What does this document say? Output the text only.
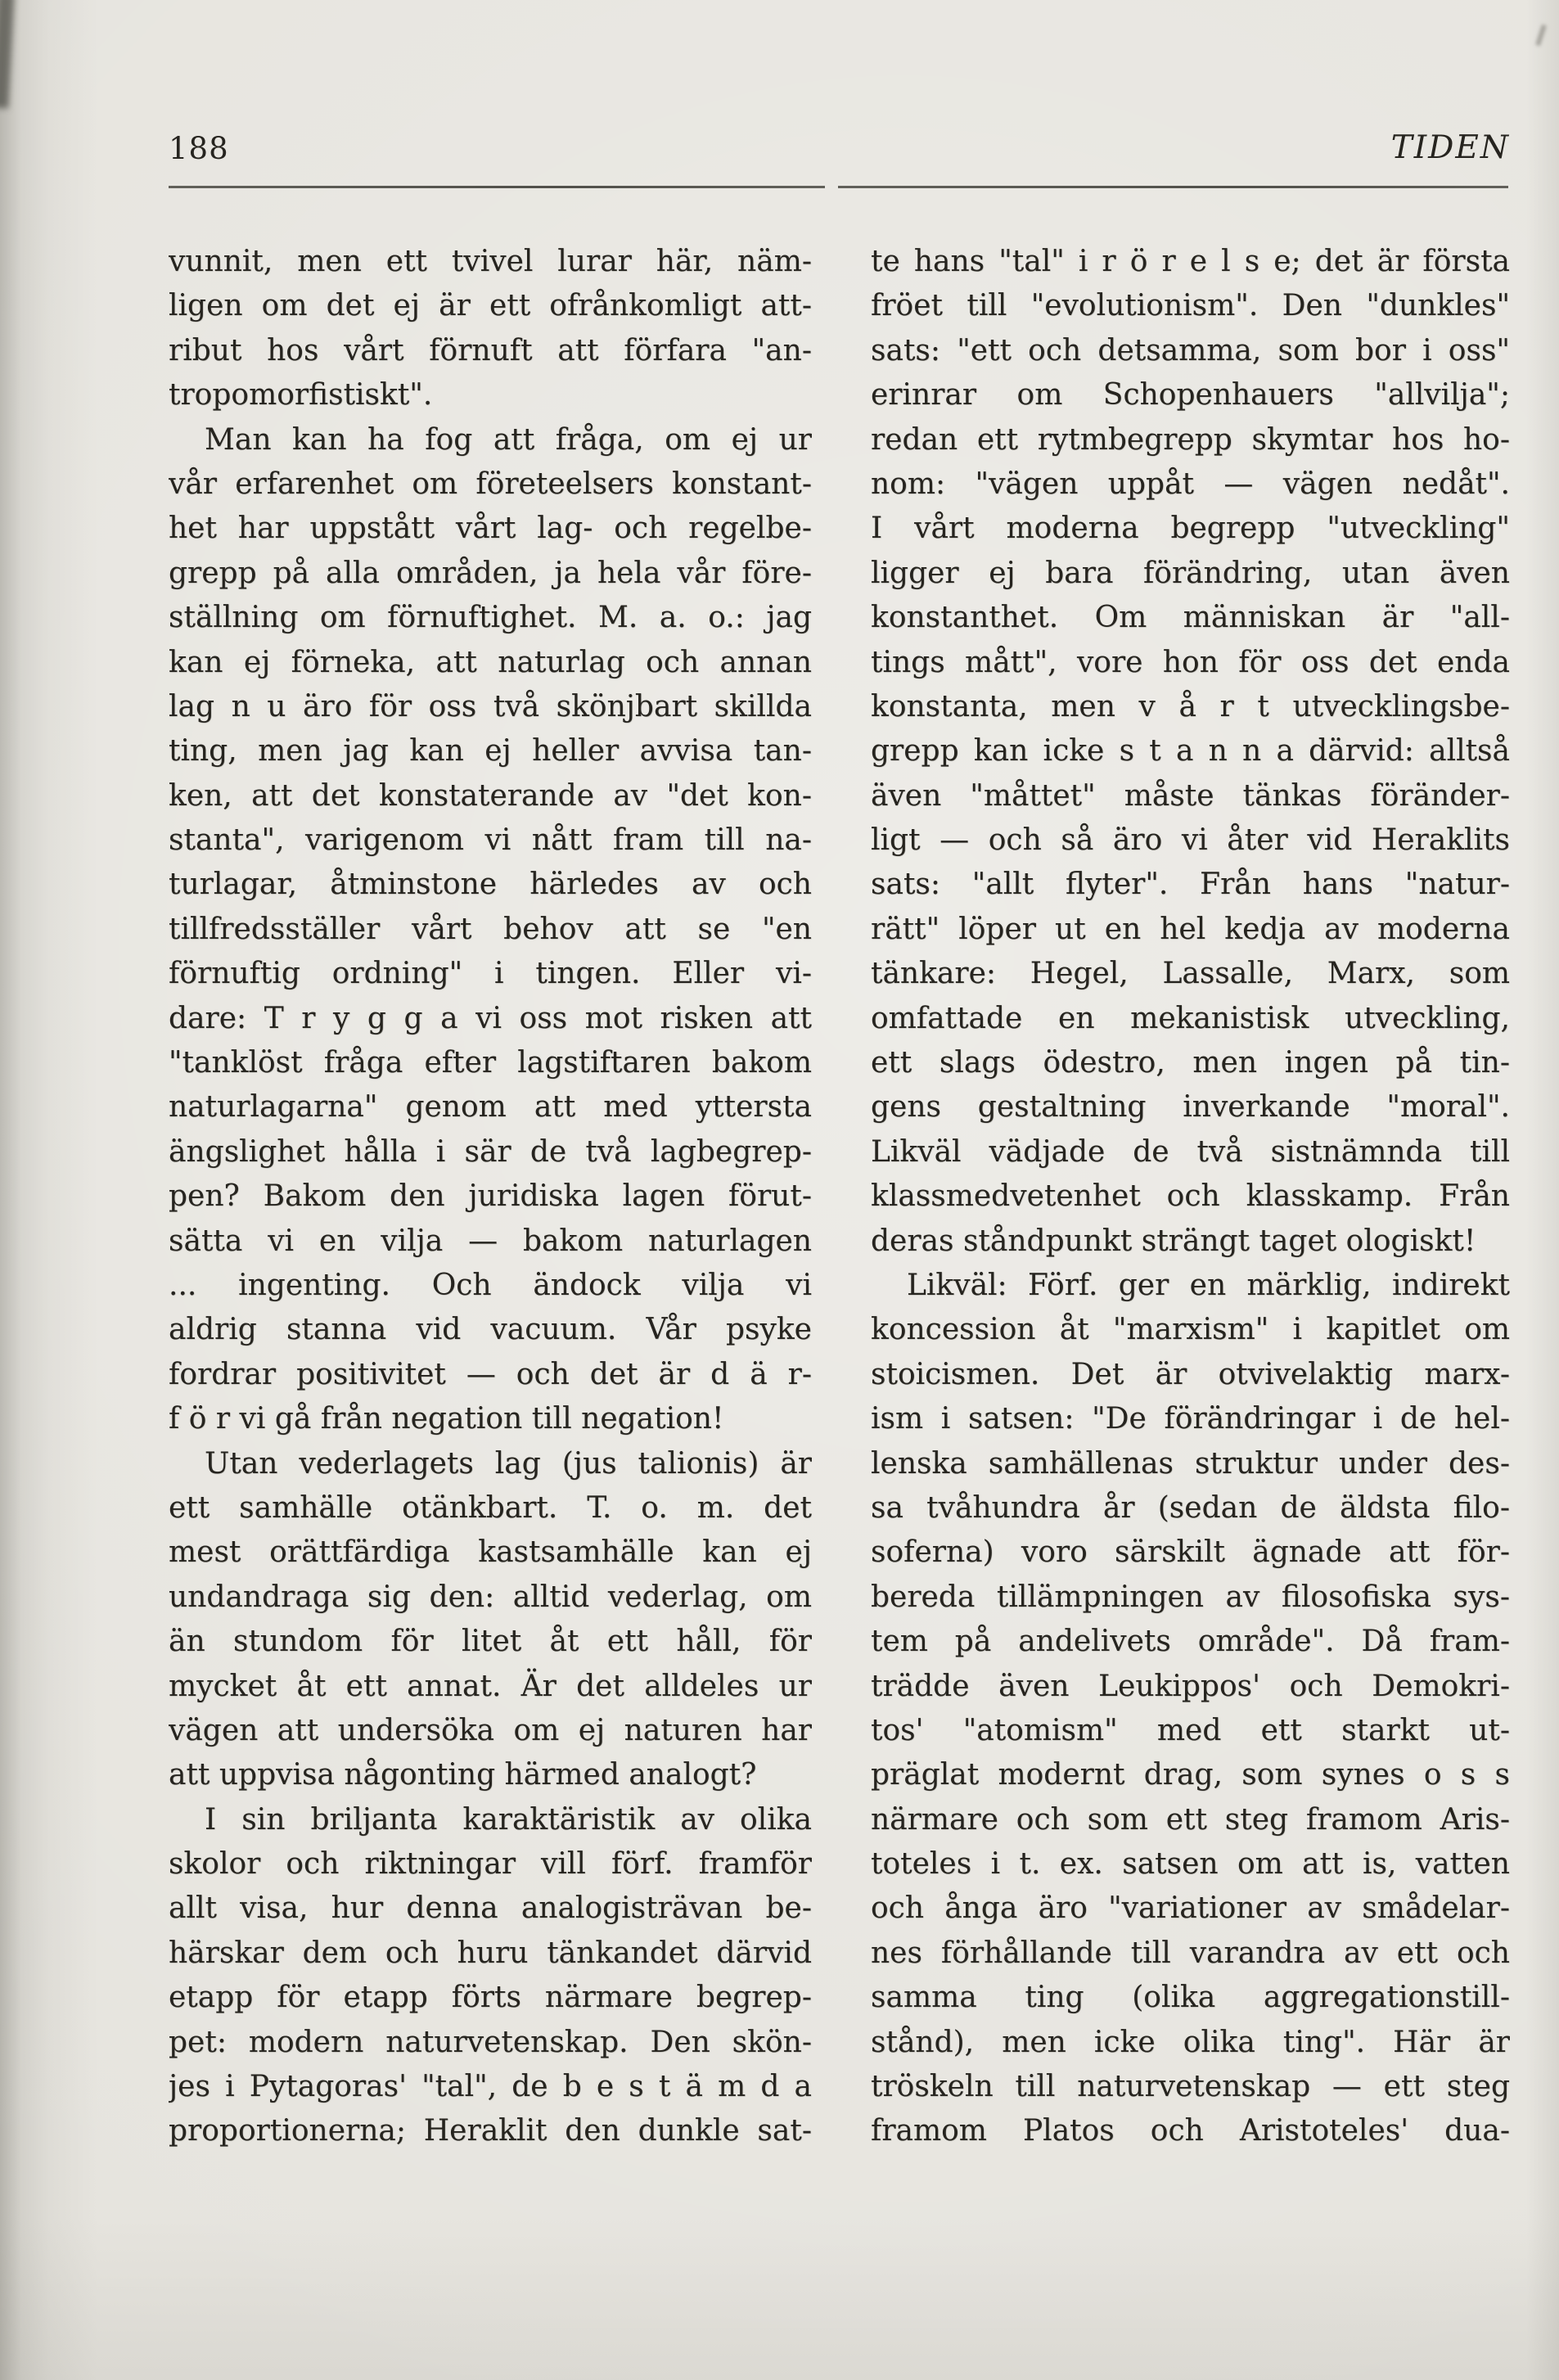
188	TIDEN
vunnit, men ett tvivel lurar här, näm-
ligen om det ej är ett ofrånkomligt att-
ribut hos vårt förnuft att förfara "an-
tropomorfistiskt".
Man kan ha fog att fråga, om ej ur
vår erfarenhet om företeelsers konstant-
het har uppstått vårt lag- och regelbe-
grepp på alla områden, ja hela vår före-
ställning om förnuftighet. M. a. o.: jag
kan ej förneka, att naturlag och annan
lag n u äro för oss två skönjbart skillda
ting, men jag kan ej heller avvisa tan-
ken, att det konstaterande av "det kon-
stanta", varigenom vi nått fram till na-
turlagar, åtminstone härledes av och
tillfredsställer vårt behov att se "en
förnuftig ordning" i tingen. Eller vi-
dare: T r y g g a vi oss mot risken att
"tanklöst fråga efter lagstiftaren bakom
naturlagarna" genom att med yttersta
ängslighet hålla i sär de två lagbegrep-
pen? Bakom den juridiska lagen förut-
sätta vi en vilja — bakom naturlagen
... ingenting. Och ändock vilja vi
aldrig stanna vid vacuum. Vår psyke
fordrar positivitet — och det är d ä r-
f ö r vi gå från negation till negation!
Utan vederlagets lag (jus talionis) är
ett samhälle otänkbart. T. o. m. det
mest orättfärdiga kastsamhälle kan ej
undandraga sig den: alltid vederlag, om
än stundom för litet åt ett håll, för
mycket åt ett annat. Är det alldeles ur
vägen att undersöka om ej naturen har
att uppvisa någonting härmed analogt?
I sin briljanta karaktäristik av olika
skolor och riktningar vill förf. framför
allt visa, hur denna analogisträvan be-
härskar dem och huru tänkandet därvid
etapp för etapp förts närmare begrep-
pet: modern naturvetenskap. Den skön-
jes i Pytagoras' "tal", de b e s t ä m d a
proportionerna; Heraklit den dunkle sat-
te hans "tal" i r ö r e l s e; det är första
fröet till "evolutionism". Den "dunkles"
sats: "ett och detsamma, som bor i oss"
erinrar om Schopenhauers "allvilja";
redan ett rytmbegrepp skymtar hos ho-
nom: "vägen uppåt — vägen nedåt".
I vårt moderna begrepp "utveckling"
ligger ej bara förändring, utan även
konstanthet. Om människan är "all-
tings mått", vore hon för oss det enda
konstanta, men v å r t utvecklingsbe-
grepp kan icke s t a n n a därvid: alltså
även "måttet" måste tänkas föränder-
ligt — och så äro vi åter vid Heraklits
sats: "allt flyter". Från hans "natur-
rätt" löper ut en hel kedja av moderna
tänkare: Hegel, Lassalle, Marx, som
omfattade en mekanistisk utveckling,
ett slags ödestro, men ingen på tin-
gens gestaltning inverkande "moral".
Likväl vädjade de två sistnämnda till
klassmedvetenhet och klasskamp. Från
deras ståndpunkt strängt taget ologiskt!
Likväl: Förf. ger en märklig, indirekt
koncession åt "marxism" i kapitlet om
stoicismen. Det är otvivelaktig marx-
ism i satsen: "De förändringar i de hel-
lenska samhällenas struktur under des-
sa tvåhundra år (sedan de äldsta filo-
soferna) voro särskilt ägnade att för-
bereda tillämpningen av filosofiska sys-
tem på andelivets område". Då fram-
trädde även Leukippos' och Demokri-
tos' "atomism" med ett starkt ut-
präglat modernt drag, som synes o s s
närmare och som ett steg framom Aris-
toteles i t. ex. satsen om att is, vatten
och ånga äro "variationer av smådelar-
nes förhållande till varandra av ett och
samma ting (olika aggregationstill-
stånd), men icke olika ting". Här är
tröskeln till naturvetenskap — ett steg
framom Platos och Aristoteles' dua-
